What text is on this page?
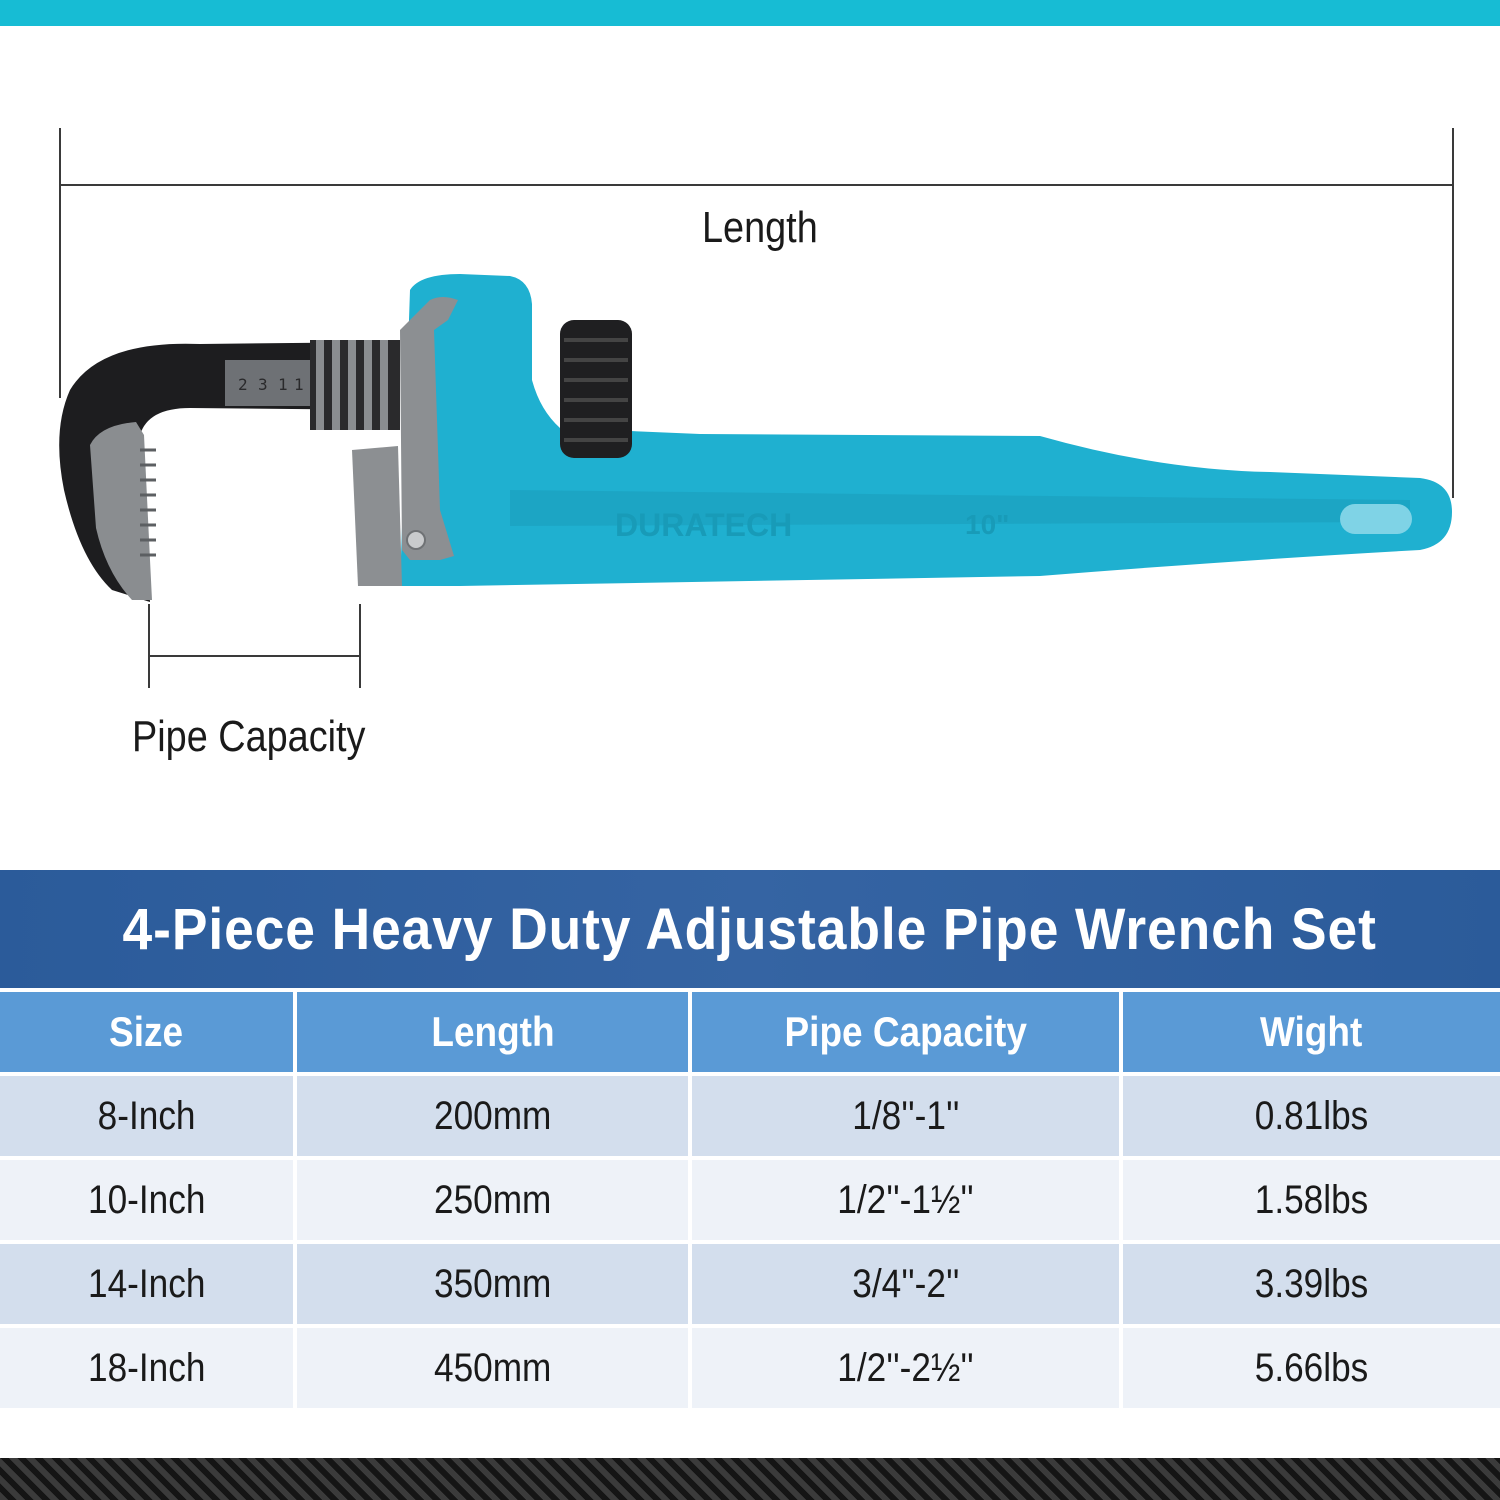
Length
Pipe Capacity
2 3 1 1
DURATECH	10"
4-Piece Heavy Duty Adjustable Pipe Wrench Set
Size	Length	Pipe Capacity	Wight
8-Inch	200mm	1/8''-1''	0.81lbs
10-Inch	250mm	1/2''-1½''	1.58lbs
14-Inch	350mm	3/4''-2''	3.39lbs
18-Inch	450mm	1/2''-2½''	5.66lbs
